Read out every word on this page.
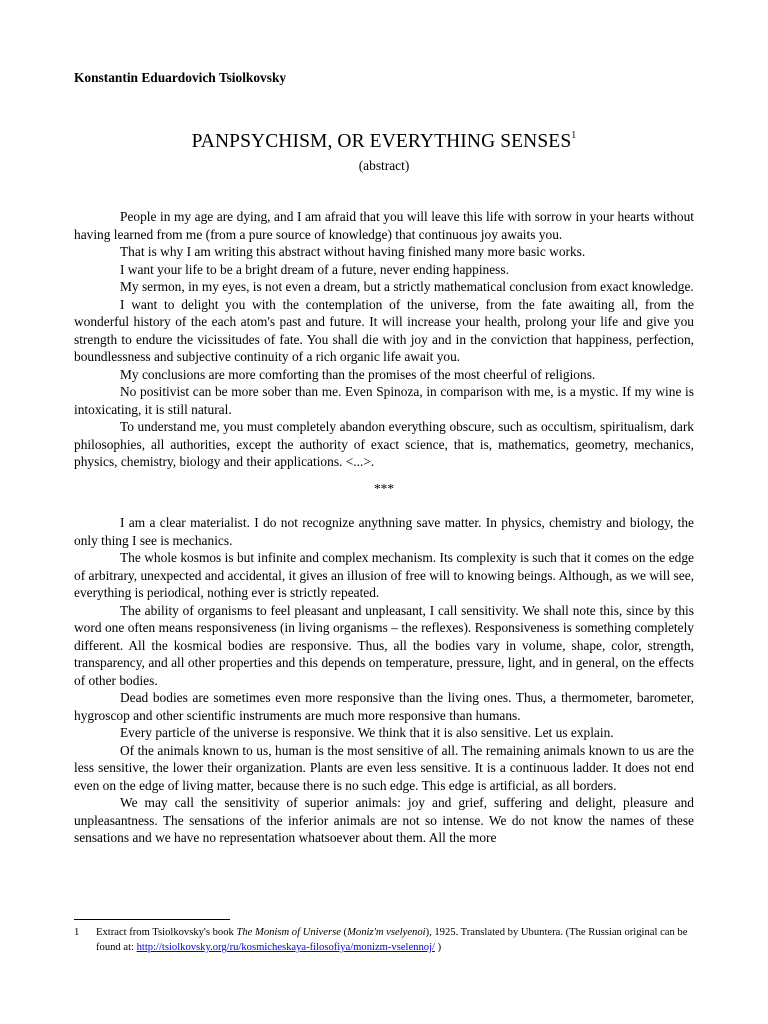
Konstantin Eduardovich Tsiolkovsky

PANPSYCHISM, OR EVERYTHING SENSES$^1$

(abstract)

People in my age are dying, and I am afraid that you will leave this life with sorrow in your hearts without having learned from me (from a pure source of knowledge) that continuous joy awaits you.

That is why I am writing this abstract without having finished many more basic works.

I want your life to be a bright dream of a future, never ending happiness.

My sermon, in my eyes, is not even a dream, but a strictly mathematical conclusion from exact knowledge.

I want to delight you with the contemplation of the universe, from the fate awaiting all, from the wonderful history of the each atom's past and future. It will increase your health, prolong your life and give you strength to endure the vicissitudes of fate. You shall die with joy and in the conviction that happiness, perfection, boundlessness and subjective continuity of a rich organic life await you.

My conclusions are more comforting than the promises of the most cheerful of religions.

No positivist can be more sober than me. Even Spinoza, in comparison with me, is a mystic. If my wine is intoxicating, it is still natural.

To understand me, you must completely abandon everything obscure, such as occultism, spiritualism, dark philosophies, all authorities, except the authority of exact science, that is, mathematics, geometry, mechanics, physics, chemistry, biology and their applications. <...>.

***

I am a clear materialist. I do not recognize anythning save matter. In physics, chemistry and biology, the only thing I see is mechanics.

The whole kosmos is but infinite and complex mechanism. Its complexity is such that it comes on the edge of arbitrary, unexpected and accidental, it gives an illusion of free will to knowing beings. Although, as we will see, everything is periodical, nothing ever is strictly repeated.

The ability of organisms to feel pleasant and unpleasant, I call sensitivity. We shall note this, since by this word one often means responsiveness (in living organisms – the reflexes). Responsiveness is something completely different. All the kosmical bodies are responsive. Thus, all the bodies vary in volume, shape, color, strength, transparency, and all other properties and this depends on temperature, pressure, light, and in general, on the effects of other bodies.

Dead bodies are sometimes even more responsive than the living ones. Thus, a thermometer, barometer, hygroscop and other scientific instruments are much more responsive than humans.

Every particle of the universe is responsive. We think that it is also sensitive. Let us explain.

Of the animals known to us, human is the most sensitive of all. The remaining animals known to us are the less sensitive, the lower their organization. Plants are even less sensitive. It is a continuous ladder. It does not end even on the edge of living matter, because there is no such edge. This edge is artificial, as all borders.

We may call the sensitivity of superior animals: joy and grief, suffering and delight, pleasure and unpleasantness. The sensations of the inferior animals are not so intense. We do not know the names of these sensations and we have no representation whatsoever about them. All the more

1	Extract from Tsiolkovsky's book The Monism of Universe (Moniz'm vselyenoi), 1925. Translated by Ubuntera. (The Russian original can be found at: http://tsiolkovsky.org/ru/kosmicheskaya-filosofiya/monizm-vselennoj/ )
